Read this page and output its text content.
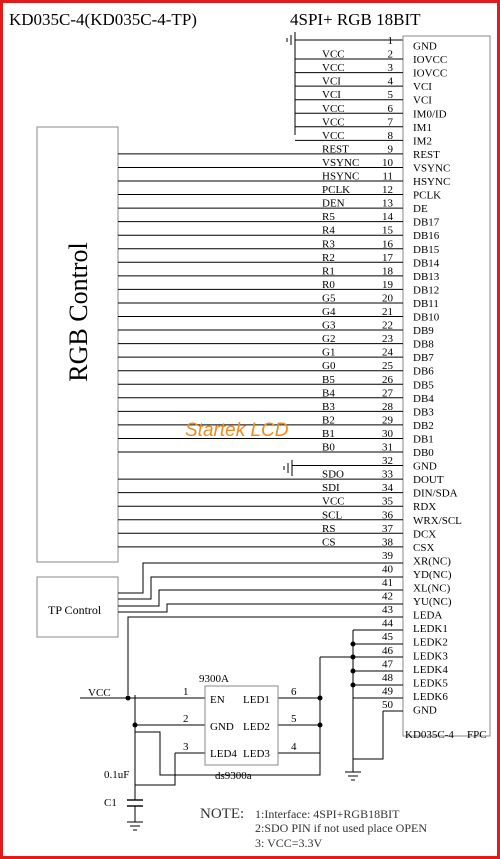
KD035C-4(KD035C-4-TP)	4SPI+ RGB 18BIT
RGB Control
TP Control
KD035C-4 FPC
1 GND
VCC	2 IOVCC
VCC	3 IOVCC
VCI	4 VCI
VCI	5 VCI
VCC	6 IM0/ID
VCC	7 IM1
VCC	8 IM2
REST	9 REST
VSYNC 10 VSYNC
HSYNC 11 HSYNC
PCLK	12 PCLK
DEN	13 DE
R5	14 DB17
R4	15 DB16
R3	16 DB15
R2	17 DB14
R1	18 DB13
R0	19 DB12
G5	20 DB11
G4	21 DB10
G3	22 DB9
G2	23 DB8
G1	24 DB7
G0	25 DB6
B5	26 DB5
B4	27 DB4
B3	28 DB3
B2	29 DB2
B1	30 DB1
B0	31 DB0
32 GND
SDO	33 DOUT
SDI	34 DIN/SDA
VCC	35 RDX
SCL	36 WRX/SCL
RS	37 DCX
CS	38 CSX
39 XR(NC)
40 YD(NC)
41 XL(NC)
42 YU(NC)
43 LEDA
44 LEDK1
45 LEDK2
46 LEDK3
47 LEDK4
48 LEDK5
49 LEDK6
50 GND
0.1uF
C1
9300A
ds9300a
VCC
EN
GND
LED4
LED1
LED2
LED3
1
2
3
6
5
4
Startek LCD
NOTE: 1:Interface: 4SPI+RGB18BIT
2:SDO PIN if not used place OPEN
3: VCC=3.3V
